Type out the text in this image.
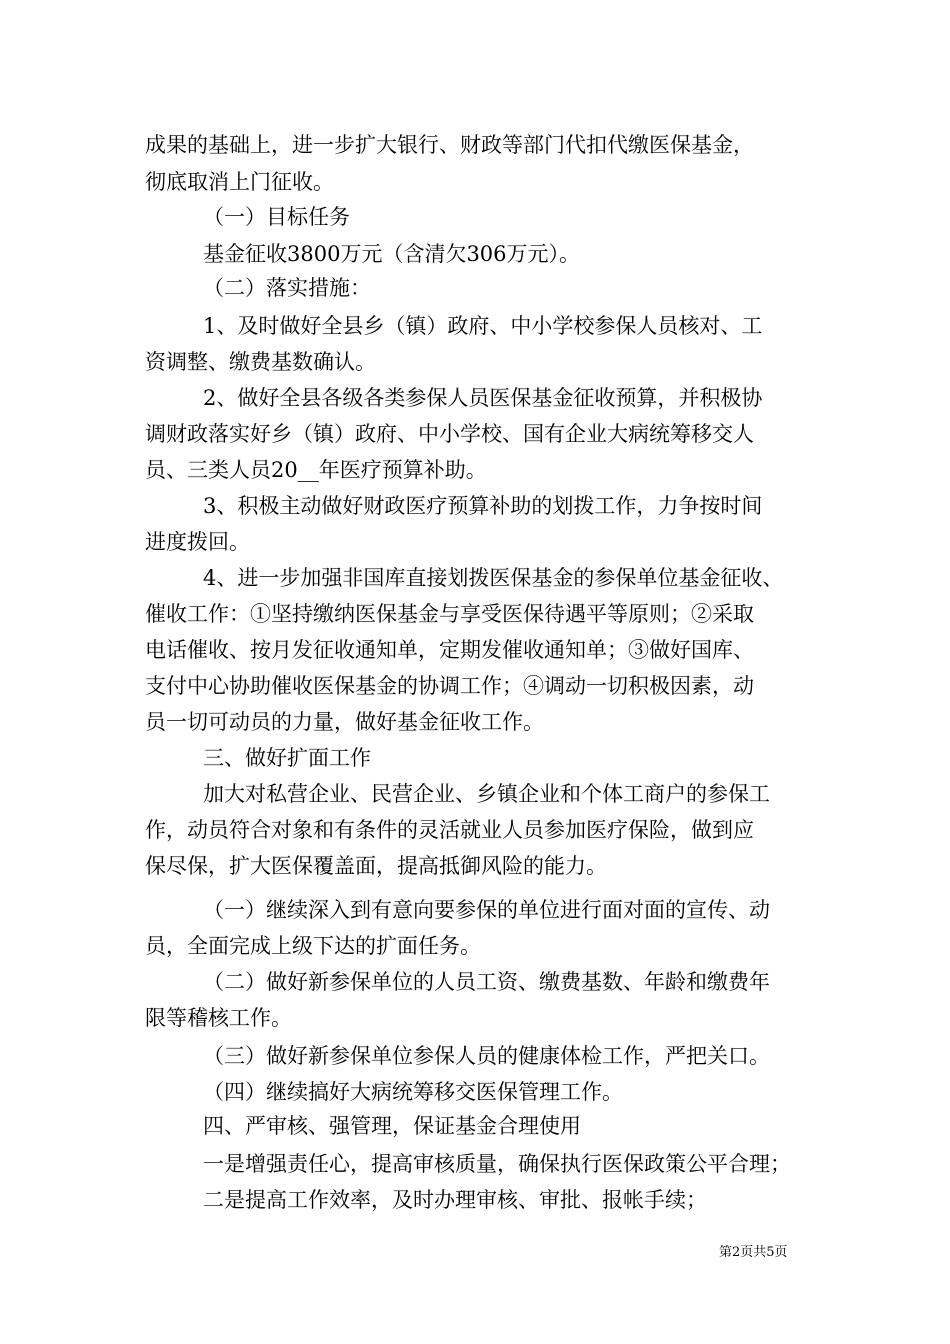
成果的基础上，进一步扩大银行、财政等部门代扣代缴医保基金，

彻底取消上门征收。

（一）目标任务

基金征收3800万元（含清欠306万元）。

（二）落实措施：

1、及时做好全县乡（镇）政府、中小学校参保人员核对、工

资调整、缴费基数确认。

2、做好全县各级各类参保人员医保基金征收预算，并积极协

调财政落实好乡（镇）政府、中小学校、国有企业大病统筹移交人

员、三类人员20__年医疗预算补助。

3、积极主动做好财政医疗预算补助的划拨工作，力争按时间

进度拨回。

4、进一步加强非国库直接划拨医保基金的参保单位基金征收、

催收工作：①坚持缴纳医保基金与享受医保待遇平等原则；②采取

电话催收、按月发征收通知单，定期发催收通知单；③做好国库、

支付中心协助催收医保基金的协调工作；④调动一切积极因素，动

员一切可动员的力量，做好基金征收工作。

三、做好扩面工作

加大对私营企业、民营企业、乡镇企业和个体工商户的参保工

作，动员符合对象和有条件的灵活就业人员参加医疗保险，做到应

保尽保，扩大医保覆盖面，提高抵御风险的能力。

（一）继续深入到有意向要参保的单位进行面对面的宣传、动

员，全面完成上级下达的扩面任务。

（二）做好新参保单位的人员工资、缴费基数、年龄和缴费年

限等稽核工作。

（三）做好新参保单位参保人员的健康体检工作，严把关口。

（四）继续搞好大病统筹移交医保管理工作。

四、严审核、强管理，保证基金合理使用

一是增强责任心，提高审核质量，确保执行医保政策公平合理；

二是提高工作效率，及时办理审核、审批、报帐手续；

第2页共5页
